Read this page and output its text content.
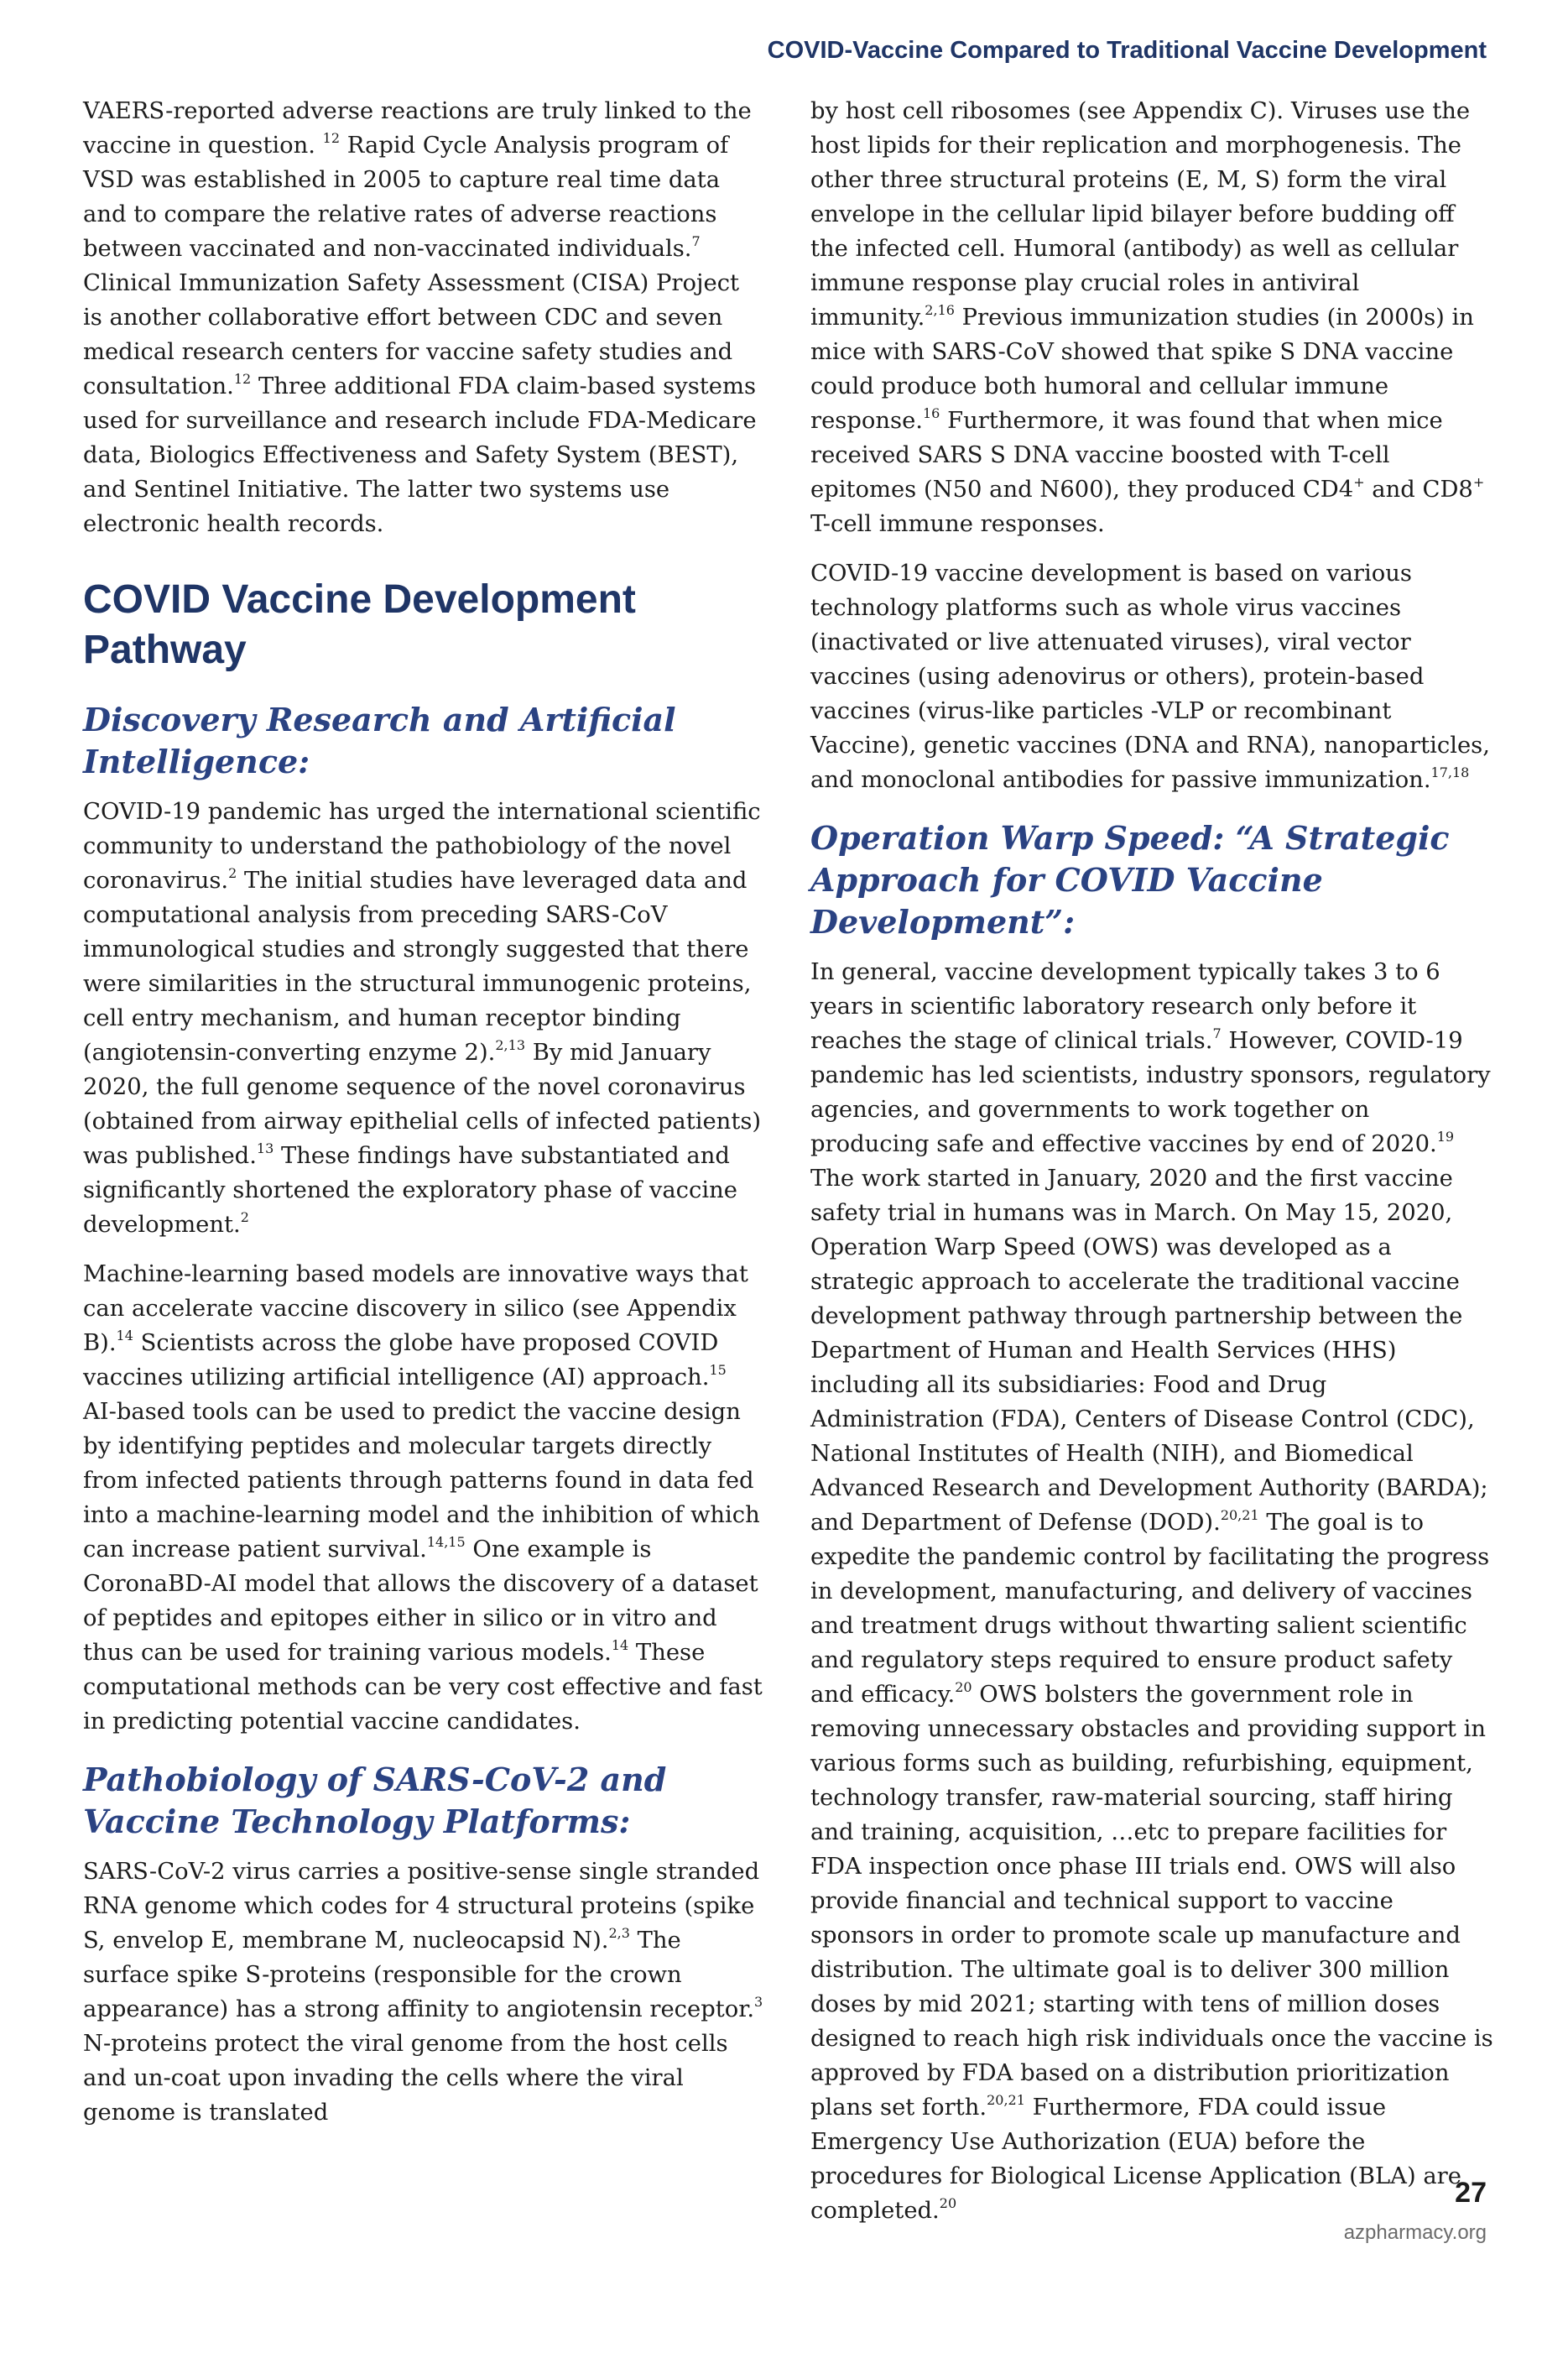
COVID-Vaccine Compared to Traditional Vaccine Development

VAERS-reported adverse reactions are truly linked to the vaccine in question. $^{12}$ Rapid Cycle Analysis program of VSD was established in 2005 to capture real time data and to compare the relative rates of adverse reactions between vaccinated and non-vaccinated individuals.$^7$ Clinical Immunization Safety Assessment (CISA) Project is another collaborative effort between CDC and seven medical research centers for vaccine safety studies and consultation.$^{12}$ Three additional FDA claim-based systems used for surveillance and research include FDA-Medicare data, Biologics Effectiveness and Safety System (BEST), and Sentinel Initiative. The latter two systems use electronic health records.

COVID Vaccine Development Pathway
Discovery Research and Artificial Intelligence:

COVID-19 pandemic has urged the international scientific community to understand the pathobiology of the novel coronavirus.$^2$ The initial studies have leveraged data and computational analysis from preceding SARS-CoV immunological studies and strongly suggested that there were similarities in the structural immunogenic proteins, cell entry mechanism, and human receptor binding (angiotensin-converting enzyme 2).$^{2,13}$ By mid January 2020, the full genome sequence of the novel coronavirus (obtained from airway epithelial cells of infected patients) was published.$^{13}$ These findings have substantiated and significantly shortened the exploratory phase of vaccine development.$^2$

Machine-learning based models are innovative ways that can accelerate vaccine discovery in silico (see Appendix B).$^{14}$ Scientists across the globe have proposed COVID vaccines utilizing artificial intelligence (AI) approach.$^{15}$ AI-based tools can be used to predict the vaccine design by identifying peptides and molecular targets directly from infected patients through patterns found in data fed into a machine-learning model and the inhibition of which can increase patient survival.$^{14,15}$ One example is CoronaBD-AI model that allows the discovery of a dataset of peptides and epitopes either in silico or in vitro and thus can be used for training various models.$^{14}$ These computational methods can be very cost effective and fast in predicting potential vaccine candidates.

Pathobiology of SARS-CoV-2 and Vaccine Technology Platforms:

SARS-CoV-2 virus carries a positive-sense single stranded RNA genome which codes for 4 structural proteins (spike S, envelop E, membrane M, nucleocapsid N).$^{2,3}$ The surface spike S-proteins (responsible for the crown appearance) has a strong affinity to angiotensin receptor.$^3$ N-proteins protect the viral genome from the host cells and un-coat upon invading the cells where the viral genome is translated

by host cell ribosomes (see Appendix C). Viruses use the host lipids for their replication and morphogenesis. The other three structural proteins (E, M, S) form the viral envelope in the cellular lipid bilayer before budding off the infected cell. Humoral (antibody) as well as cellular immune response play crucial roles in antiviral immunity.$^{2,16}$ Previous immunization studies (in 2000s) in mice with SARS-CoV showed that spike S DNA vaccine could produce both humoral and cellular immune response.$^{16}$ Furthermore, it was found that when mice received SARS S DNA vaccine boosted with T-cell epitomes (N50 and N600), they produced CD4+ and CD8+ T-cell immune responses.

COVID-19 vaccine development is based on various technology platforms such as whole virus vaccines (inactivated or live attenuated viruses), viral vector vaccines (using adenovirus or others), protein-based vaccines (virus-like particles -VLP or recombinant Vaccine), genetic vaccines (DNA and RNA), nanoparticles, and monoclonal antibodies for passive immunization.$^{17,18}$

Operation Warp Speed: “A Strategic Approach for COVID Vaccine Development”:

In general, vaccine development typically takes 3 to 6 years in scientific laboratory research only before it reaches the stage of clinical trials.$^7$ However, COVID-19 pandemic has led scientists, industry sponsors, regulatory agencies, and governments to work together on producing safe and effective vaccines by end of 2020.19 The work started in January, 2020 and the first vaccine safety trial in humans was in March. On May 15, 2020, Operation Warp Speed (OWS) was developed as a strategic approach to accelerate the traditional vaccine development pathway through partnership between the Department of Human and Health Services (HHS) including all its subsidiaries: Food and Drug Administration (FDA), Centers of Disease Control (CDC), National Institutes of Health (NIH), and Biomedical Advanced Research and Development Authority (BARDA); and Department of Defense (DOD).$^{20,21}$ The goal is to expedite the pandemic control by facilitating the progress in development, manufacturing, and delivery of vaccines and treatment drugs without thwarting salient scientific and regulatory steps required to ensure product safety and efficacy.$^{20}$ OWS bolsters the government role in removing unnecessary obstacles and providing support in various forms such as building, refurbishing, equipment, technology transfer, raw-material sourcing, staff hiring and training, acquisition, …etc to prepare facilities for FDA inspection once phase III trials end. OWS will also provide financial and technical support to vaccine sponsors in order to promote scale up manufacture and distribution. The ultimate goal is to deliver 300 million doses by mid 2021; starting with tens of million doses designed to reach high risk individuals once the vaccine is approved by FDA based on a distribution prioritization plans set forth.$^{20,21}$ Furthermore, FDA could issue Emergency Use Authorization (EUA) before the procedures for Biological License Application (BLA) are completed.$^{20}$	27
azpharmacy.org
